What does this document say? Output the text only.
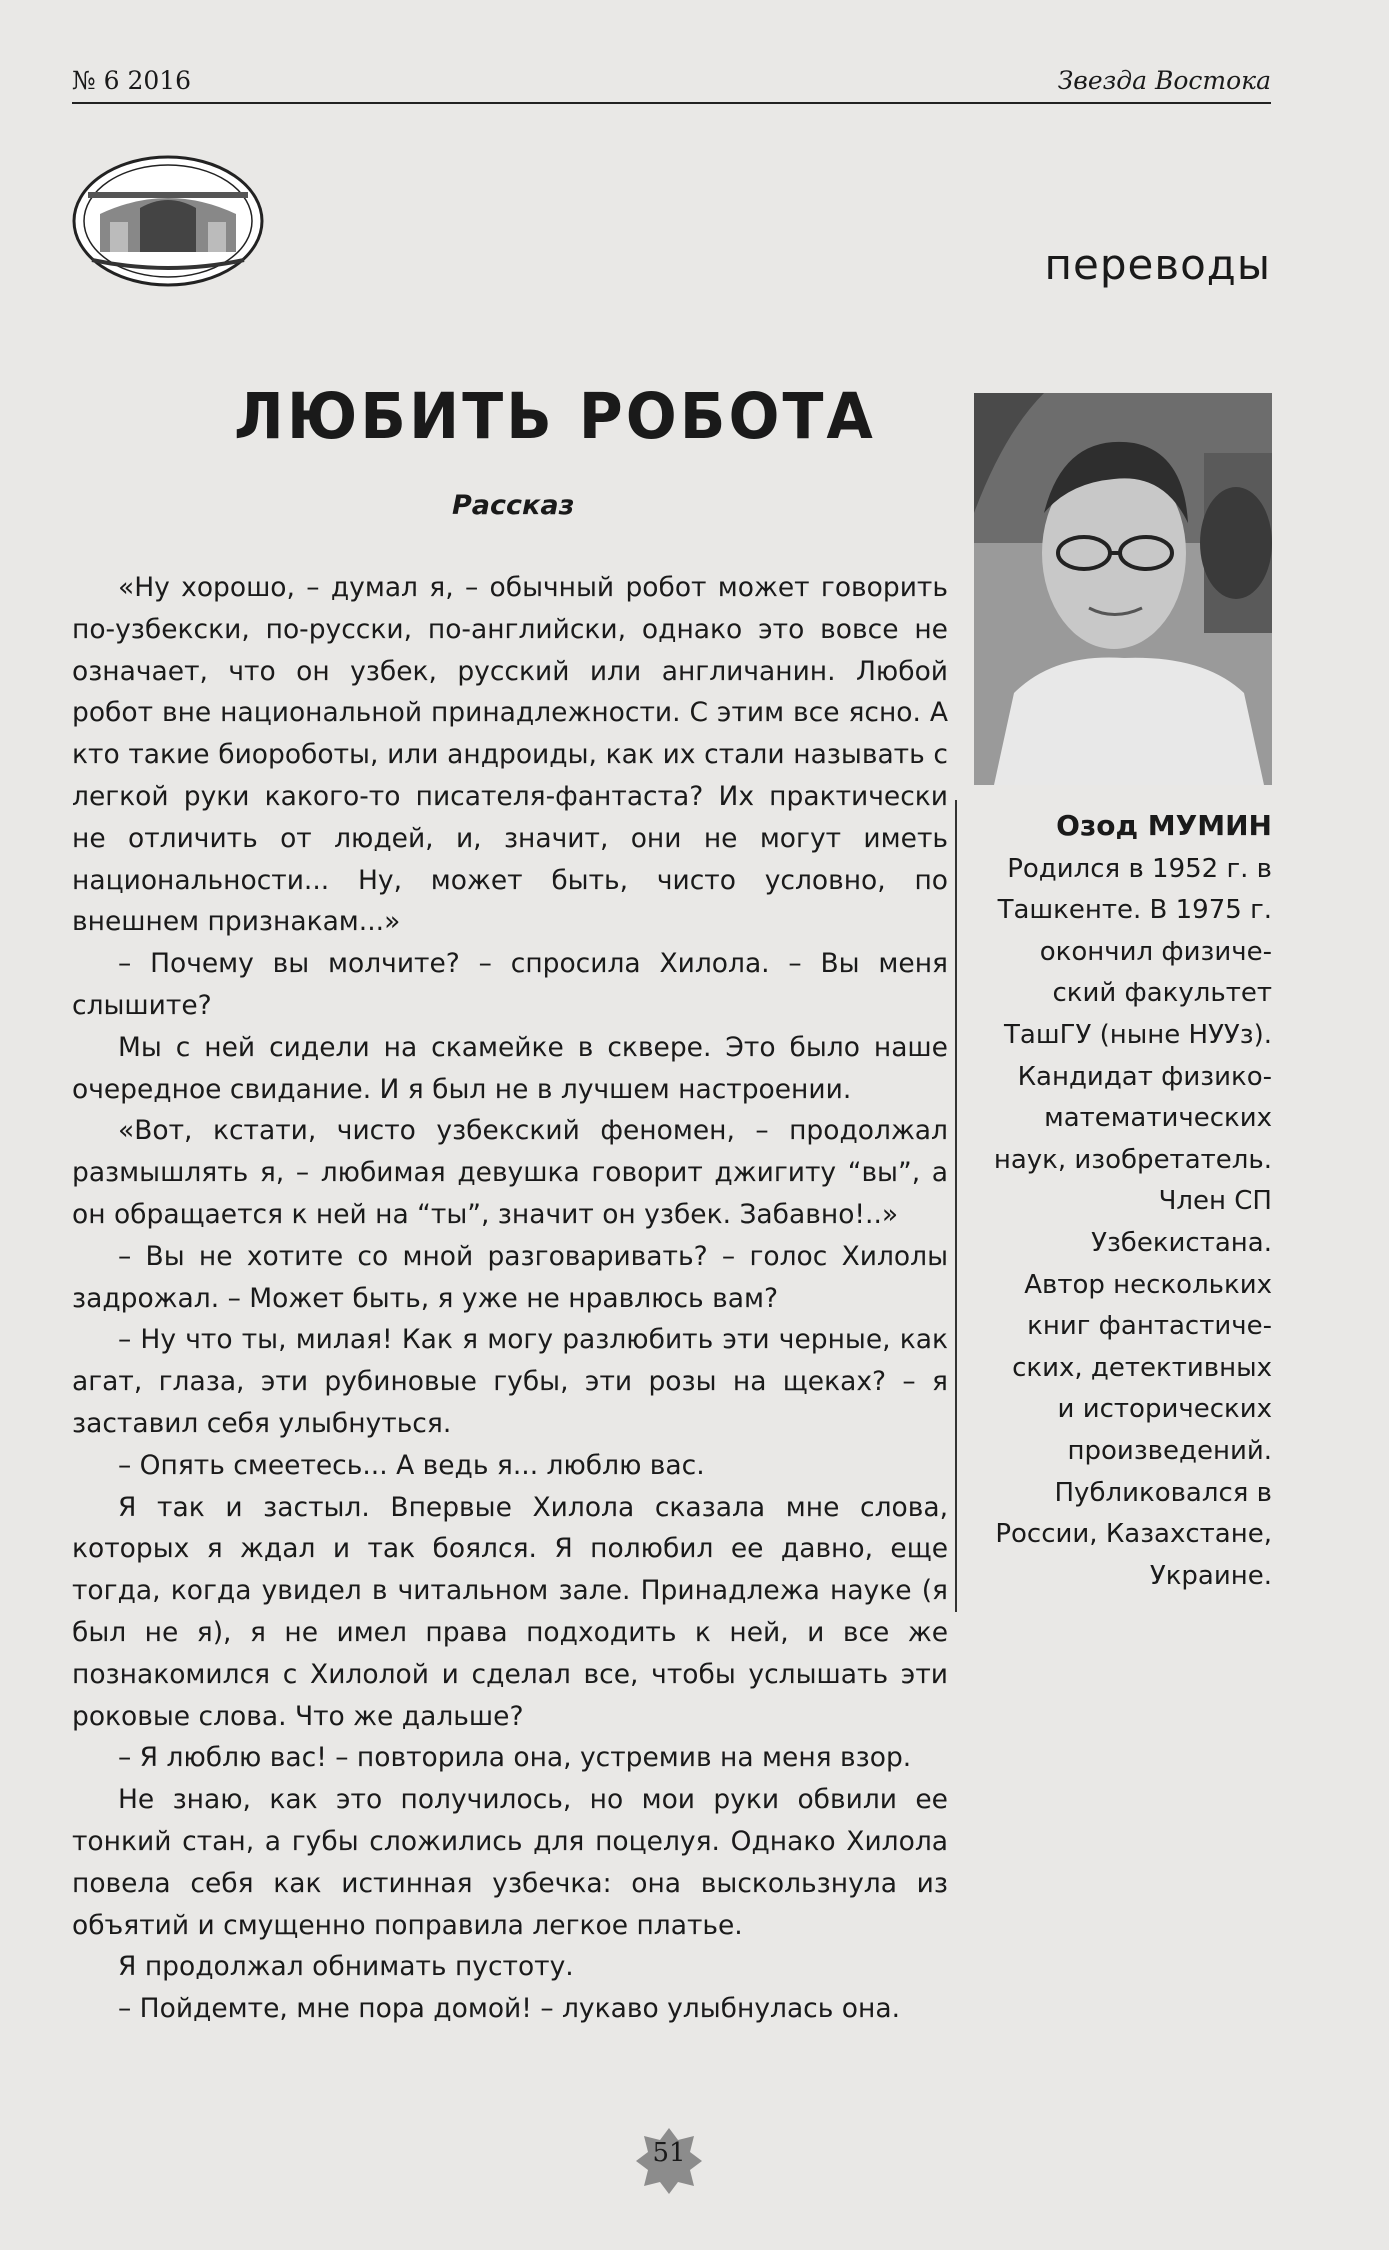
№ 6 2016	Звезда Востока
переводы
ЛЮБИТЬ РОБОТА
Рассказ
Озод МУМИН
Родился в 1952 г. в
Ташкенте. В 1975 г.
окончил физиче-
ский факультет
ТашГУ (ныне НУУз).
Кандидат физико-
математических
наук, изобретатель.
Член СП
Узбекистана.
Автор нескольких
книг фантастиче-
ских, детективных
и исторических
произведений.
Публиковался в
России, Казахстане,
Украине.

«Ну хорошо, – думал я, – обычный робот может говорить по-узбекски, по-русски, по-английски, однако это вовсе не означает, что он узбек, русский или англичанин. Любой робот вне национальной принадлежности. С этим все ясно. А кто такие биороботы, или андроиды, как их стали называть с легкой руки какого-то писателя-фантаста? Их практически не отличить от людей, и, значит, они не могут иметь национальности... Ну, может быть, чисто условно, по внешнем признакам...»

– Почему вы молчите? – спросила Хилола. – Вы меня слышите?

Мы с ней сидели на скамейке в сквере. Это было наше очередное свидание. И я был не в лучшем настроении.

«Вот, кстати, чисто узбекский феномен, – продолжал размышлять я, – любимая девушка говорит джигиту “вы”, а он обращается к ней на “ты”, значит он узбек. Забавно!..»

– Вы не хотите со мной разговаривать? – голос Хилолы задрожал. – Может быть, я уже не нравлюсь вам?

– Ну что ты, милая! Как я могу разлюбить эти черные, как агат, глаза, эти рубиновые губы, эти розы на щеках? – я заставил себя улыбнуться.

– Опять смеетесь... А ведь я... люблю вас.

Я так и застыл. Впервые Хилола сказала мне слова, которых я ждал и так боялся. Я полюбил ее давно, еще тогда, когда увидел в читальном зале. Принадлежа науке (я был не я), я не имел права подходить к ней, и все же познакомился с Хилолой и сделал все, чтобы услышать эти роковые слова. Что же дальше?

– Я люблю вас! – повторила она, устремив на меня взор.

Не знаю, как это получилось, но мои руки обвили ее тонкий стан, а губы сложились для поцелуя. Однако Хилола повела себя как истинная узбечка: она выскользнула из объятий и смущенно поправила легкое платье.

Я продолжал обнимать пустоту.

– Пойдемте, мне пора домой! – лукаво улыбнулась она.

51
